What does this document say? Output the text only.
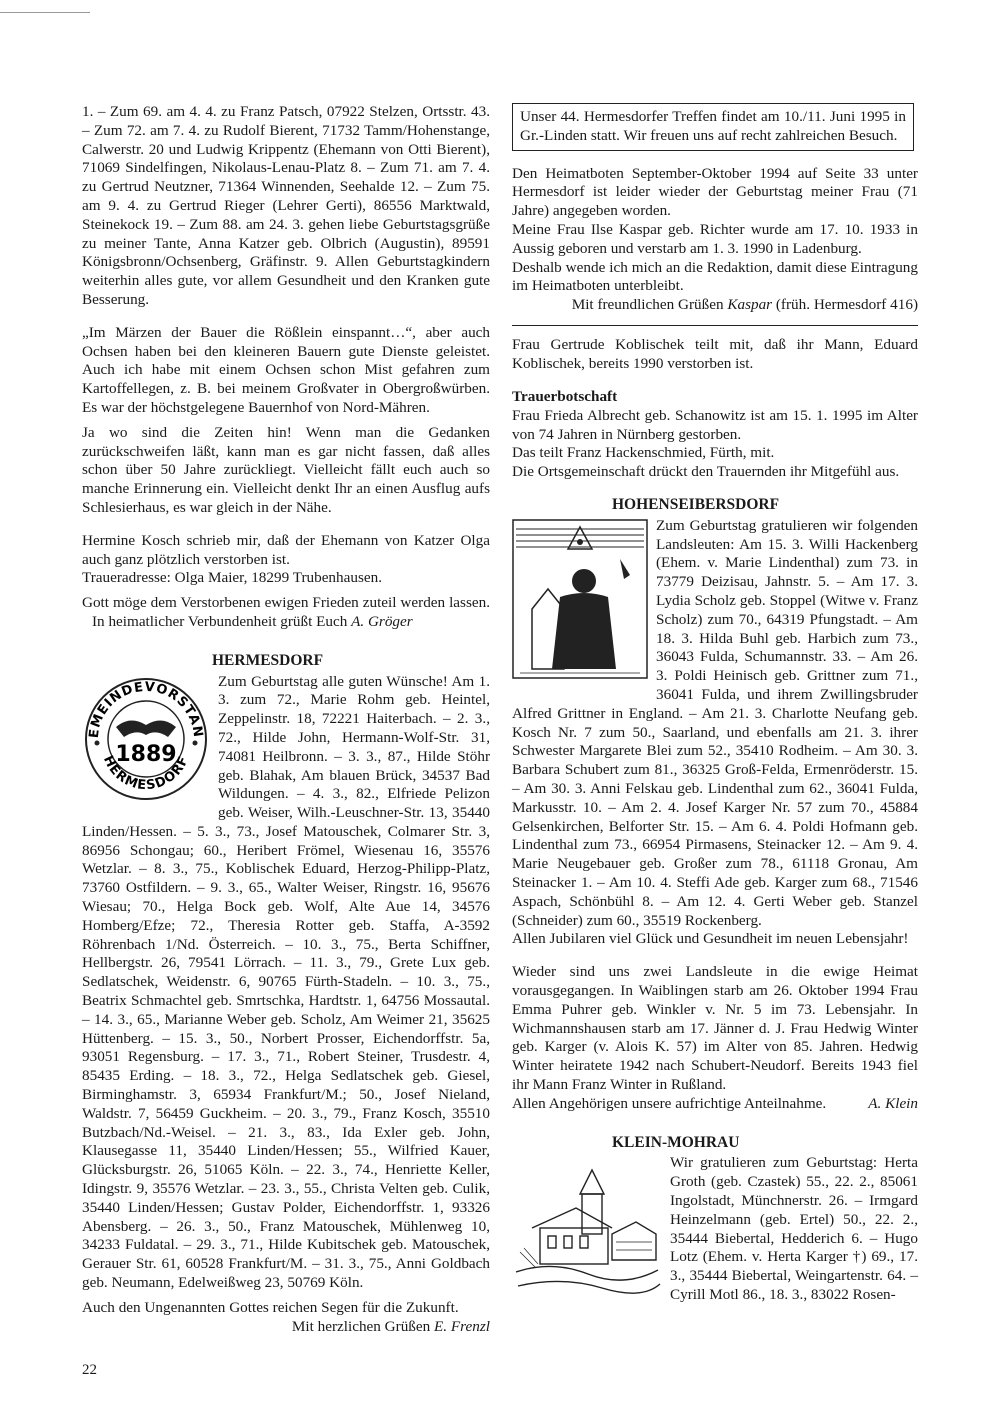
1. – Zum 69. am 4. 4. zu Franz Patsch, 07922 Stelzen, Ortsstr. 43. – Zum 72. am 7. 4. zu Rudolf Bierent, 71732 Tamm/Hohenstange, Calwerstr. 20 und Ludwig Krippentz (Ehemann von Otti Bierent), 71069 Sindelfingen, Nikolaus-Lenau-Platz 8. – Zum 71. am 7. 4. zu Gertrud Neutzner, 71364 Winnenden, Seehalde 12. – Zum 75. am 9. 4. zu Gertrud Rieger (Lehrer Gerti), 86556 Marktwald, Steinekock 19. – Zum 88. am 24. 3. gehen liebe Geburtstagsgrüße zu meiner Tante, Anna Katzer geb. Olbrich (Augustin), 89591 Königsbronn/Ochsenberg, Gräfinstr. 9. Allen Geburtstagkindern weiterhin alles gute, vor allem Gesundheit und den Kranken gute Besserung.

„Im Märzen der Bauer die Rößlein einspannt…“, aber auch Ochsen haben bei den kleineren Bauern gute Dienste geleistet. Auch ich habe mit einem Ochsen schon Mist gefahren zum Kartoffellegen, z. B. bei meinem Großvater in Obergroßwürben. Es war der höchstgelegene Bauernhof von Nord-Mähren.

Ja wo sind die Zeiten hin! Wenn man die Gedanken zurückschweifen läßt, kann man es gar nicht fassen, daß alles schon über 50 Jahre zurückliegt. Vielleicht fällt euch auch so manche Erinnerung ein. Vielleicht denkt Ihr an einen Ausflug aufs Schlesierhaus, es war gleich in der Nähe.

Hermine Kosch schrieb mir, daß der Ehemann von Katzer Olga auch ganz plötzlich verstorben ist.

Traueradresse: Olga Maier, 18299 Trubenhausen.

Gott möge dem Verstorbenen ewigen Frieden zuteil werden lassen. In heimatlicher Verbundenheit grüßt Euch A. Gröger

HERMESDORF
EMEINDEVORSTAN
HERMESDORF
1889

Zum Geburtstag alle guten Wünsche! Am 1. 3. zum 72., Marie Rohm geb. Heintel, Zeppelinstr. 18, 72221 Haiterbach. – 2. 3., 72., Hilde John, Hermann-Wolf-Str. 31, 74081 Heilbronn. – 3. 3., 87., Hilde Stöhr geb. Blahak, Am blauen Brück, 34537 Bad Wildungen. – 4. 3., 82., Elfriede Pelizon geb. Weiser, Wilh.-Leuschner-Str. 13, 35440 Linden/Hessen. – 5. 3., 73., Josef Matouschek, Colmarer Str. 3, 86956 Schongau; 60., Heribert Frömel, Wiesenau 16, 35576 Wetzlar. – 8. 3., 75., Koblischek Eduard, Herzog-Philipp-Platz, 73760 Ostfildern. – 9. 3., 65., Walter Weiser, Ringstr. 16, 95676 Wiesau; 70., Helga Bock geb. Wolf, Alte Aue 14, 34576 Homberg/Efze; 72., Theresia Rotter geb. Staffa, A-3592 Röhrenbach 1/Nd. Österreich. – 10. 3., 75., Berta Schiffner, Hellbergstr. 26, 79541 Lörrach. – 11. 3., 79., Grete Lux geb. Sedlatschek, Weidenstr. 6, 90765 Fürth-Stadeln. – 10. 3., 75., Beatrix Schmachtel geb. Smrtschka, Hardtstr. 1, 64756 Mossautal. – 14. 3., 65., Marianne Weber geb. Scholz, Am Weimer 21, 35625 Hüttenberg. – 15. 3., 50., Norbert Prosser, Eichendorffstr. 5a, 93051 Regensburg. – 17. 3., 71., Robert Steiner, Trusdestr. 4, 85435 Erding. – 18. 3., 72., Helga Sedlatschek geb. Giesel, Birminghamstr. 3, 65934 Frankfurt/M.; 50., Josef Nieland, Waldstr. 7, 56459 Guckheim. – 20. 3., 79., Franz Kosch, 35510 Butzbach/Nd.-Weisel. – 21. 3., 83., Ida Exler geb. John, Klausegasse 11, 35440 Linden/Hessen; 55., Wilfried Kauer, Glücksburgstr. 26, 51065 Köln. – 22. 3., 74., Henriette Keller, Idingstr. 9, 35576 Wetzlar. – 23. 3., 55., Christa Velten geb. Culik, 35440 Linden/Hessen; Gustav Polder, Eichendorffstr. 1, 93326 Abensberg. – 26. 3., 50., Franz Matouschek, Mühlenweg 10, 34233 Fuldatal. – 29. 3., 71., Hilde Kubitschek geb. Matouschek, Gerauer Str. 61, 60528 Frankfurt/M. – 31. 3., 75., Anni Goldbach geb. Neumann, Edelweißweg 23, 50769 Köln.

Auch den Ungenannten Gottes reichen Segen für die Zukunft.

Mit herzlichen Grüßen E. Frenzl

Unser 44. Hermesdorfer Treffen findet am 10./11. Juni 1995 in Gr.-Linden statt. Wir freuen uns auf recht zahlreichen Besuch.

Den Heimatboten September-Oktober 1994 auf Seite 33 unter Hermesdorf ist leider wieder der Geburtstag meiner Frau (71 Jahre) angegeben worden.

Meine Frau Ilse Kaspar geb. Richter wurde am 17. 10. 1933 in Aussig geboren und verstarb am 1. 3. 1990 in Ladenburg.

Deshalb wende ich mich an die Redaktion, damit diese Eintragung im Heimatboten unterbleibt.

Mit freundlichen Grüßen Kaspar (früh. Hermesdorf 416)

Frau Gertrude Koblischek teilt mit, daß ihr Mann, Eduard Koblischek, bereits 1990 verstorben ist.

Trauerbotschaft

Frau Frieda Albrecht geb. Schanowitz ist am 15. 1. 1995 im Alter von 74 Jahren in Nürnberg gestorben.

Das teilt Franz Hackenschmied, Fürth, mit.

Die Ortsgemeinschaft drückt den Trauernden ihr Mitgefühl aus.

HOHENSEIBERSDORF

Zum Geburtstag gratulieren wir folgenden Landsleuten: Am 15. 3. Willi Hackenberg (Ehem. v. Marie Lindenthal) zum 73. in 73779 Deizisau, Jahnstr. 5. – Am 17. 3. Lydia Scholz geb. Stoppel (Witwe v. Franz Scholz) zum 70., 64319 Pfungstadt. – Am 18. 3. Hilda Buhl geb. Harbich zum 73., 36043 Fulda, Schumannstr. 33. – Am 26. 3. Poldi Heinisch geb. Grittner zum 71., 36041 Fulda, und ihrem Zwillingsbruder Alfred Grittner in England. – Am 21. 3. Charlotte Neufang geb. Kosch Nr. 7 zum 50., Saarland, und ebenfalls am 21. 3. ihrer Schwester Margarete Blei zum 52., 35410 Rodheim. – Am 30. 3. Barbara Schubert zum 81., 36325 Groß-Felda, Ermenröderstr. 15. – Am 30. 3. Anni Felskau geb. Lindenthal zum 62., 36041 Fulda, Markusstr. 10. – Am 2. 4. Josef Karger Nr. 57 zum 70., 45884 Gelsenkirchen, Belforter Str. 15. – Am 6. 4. Poldi Hofmann geb. Lindenthal zum 73., 66954 Pirmasens, Steinacker 12. – Am 9. 4. Marie Neugebauer geb. Großer zum 78., 61118 Gronau, Am Steinacker 1. – Am 10. 4. Steffi Ade geb. Karger zum 68., 71546 Aspach, Schönbühl 8. – Am 12. 4. Gerti Weber geb. Stanzel (Schneider) zum 60., 35519 Rockenberg.

Allen Jubilaren viel Glück und Gesundheit im neuen Lebensjahr!

Wieder sind uns zwei Landsleute in die ewige Heimat vorausgegangen. In Waiblingen starb am 26. Oktober 1994 Frau Emma Puhrer geb. Winkler v. Nr. 5 im 73. Lebensjahr. In Wichmannshausen starb am 17. Jänner d. J. Frau Hedwig Winter geb. Karger (v. Alois K. 57) im Alter von 85. Jahren. Hedwig Winter heiratete 1942 nach Schubert-Neudorf. Bereits 1943 fiel ihr Mann Franz Winter in Rußland.

Allen Angehörigen unsere aufrichtige Anteilnahme.	A. Klein

KLEIN-MOHRAU

Wir gratulieren zum Geburtstag: Herta Groth (geb. Czastek) 55., 22. 2., 85061 Ingolstadt, Münchnerstr. 26. – Irmgard Heinzelmann (geb. Ertel) 50., 22. 2., 35444 Biebertal, Hedderich 6. – Hugo Lotz (Ehem. v. Herta Karger †) 69., 17. 3., 35444 Biebertal, Weingartenstr. 64. – Cyrill Motl 86., 18. 3., 83022 Rosen-

22
